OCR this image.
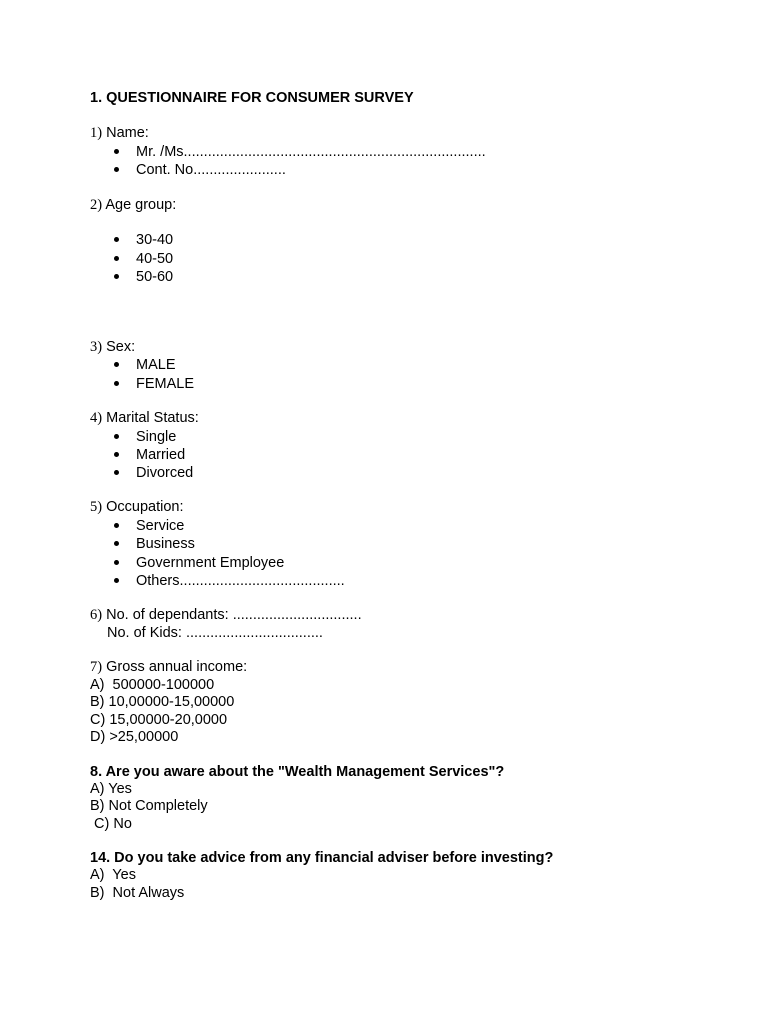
1. QUESTIONNAIRE FOR CONSUMER SURVEY
1) Name:
Mr. /Ms...........................................................................
Cont. No.......................
2) Age group:
30-40
40-50
50-60
3) Sex:
MALE
FEMALE
4) Marital Status:
Single
Married
Divorced
5) Occupation:
Service
Business
Government Employee
Others.........................................
6) No. of dependants: ................................
No. of Kids: ..................................
7) Gross annual income:
A)  500000-100000
B) 10,00000-15,00000
C) 15,00000-20,0000
D) >25,00000
8. Are you aware about the "Wealth Management Services"?
A) Yes
B) Not Completely
C) No
14. Do you take advice from any financial adviser before investing?
A)  Yes
B)  Not Always
